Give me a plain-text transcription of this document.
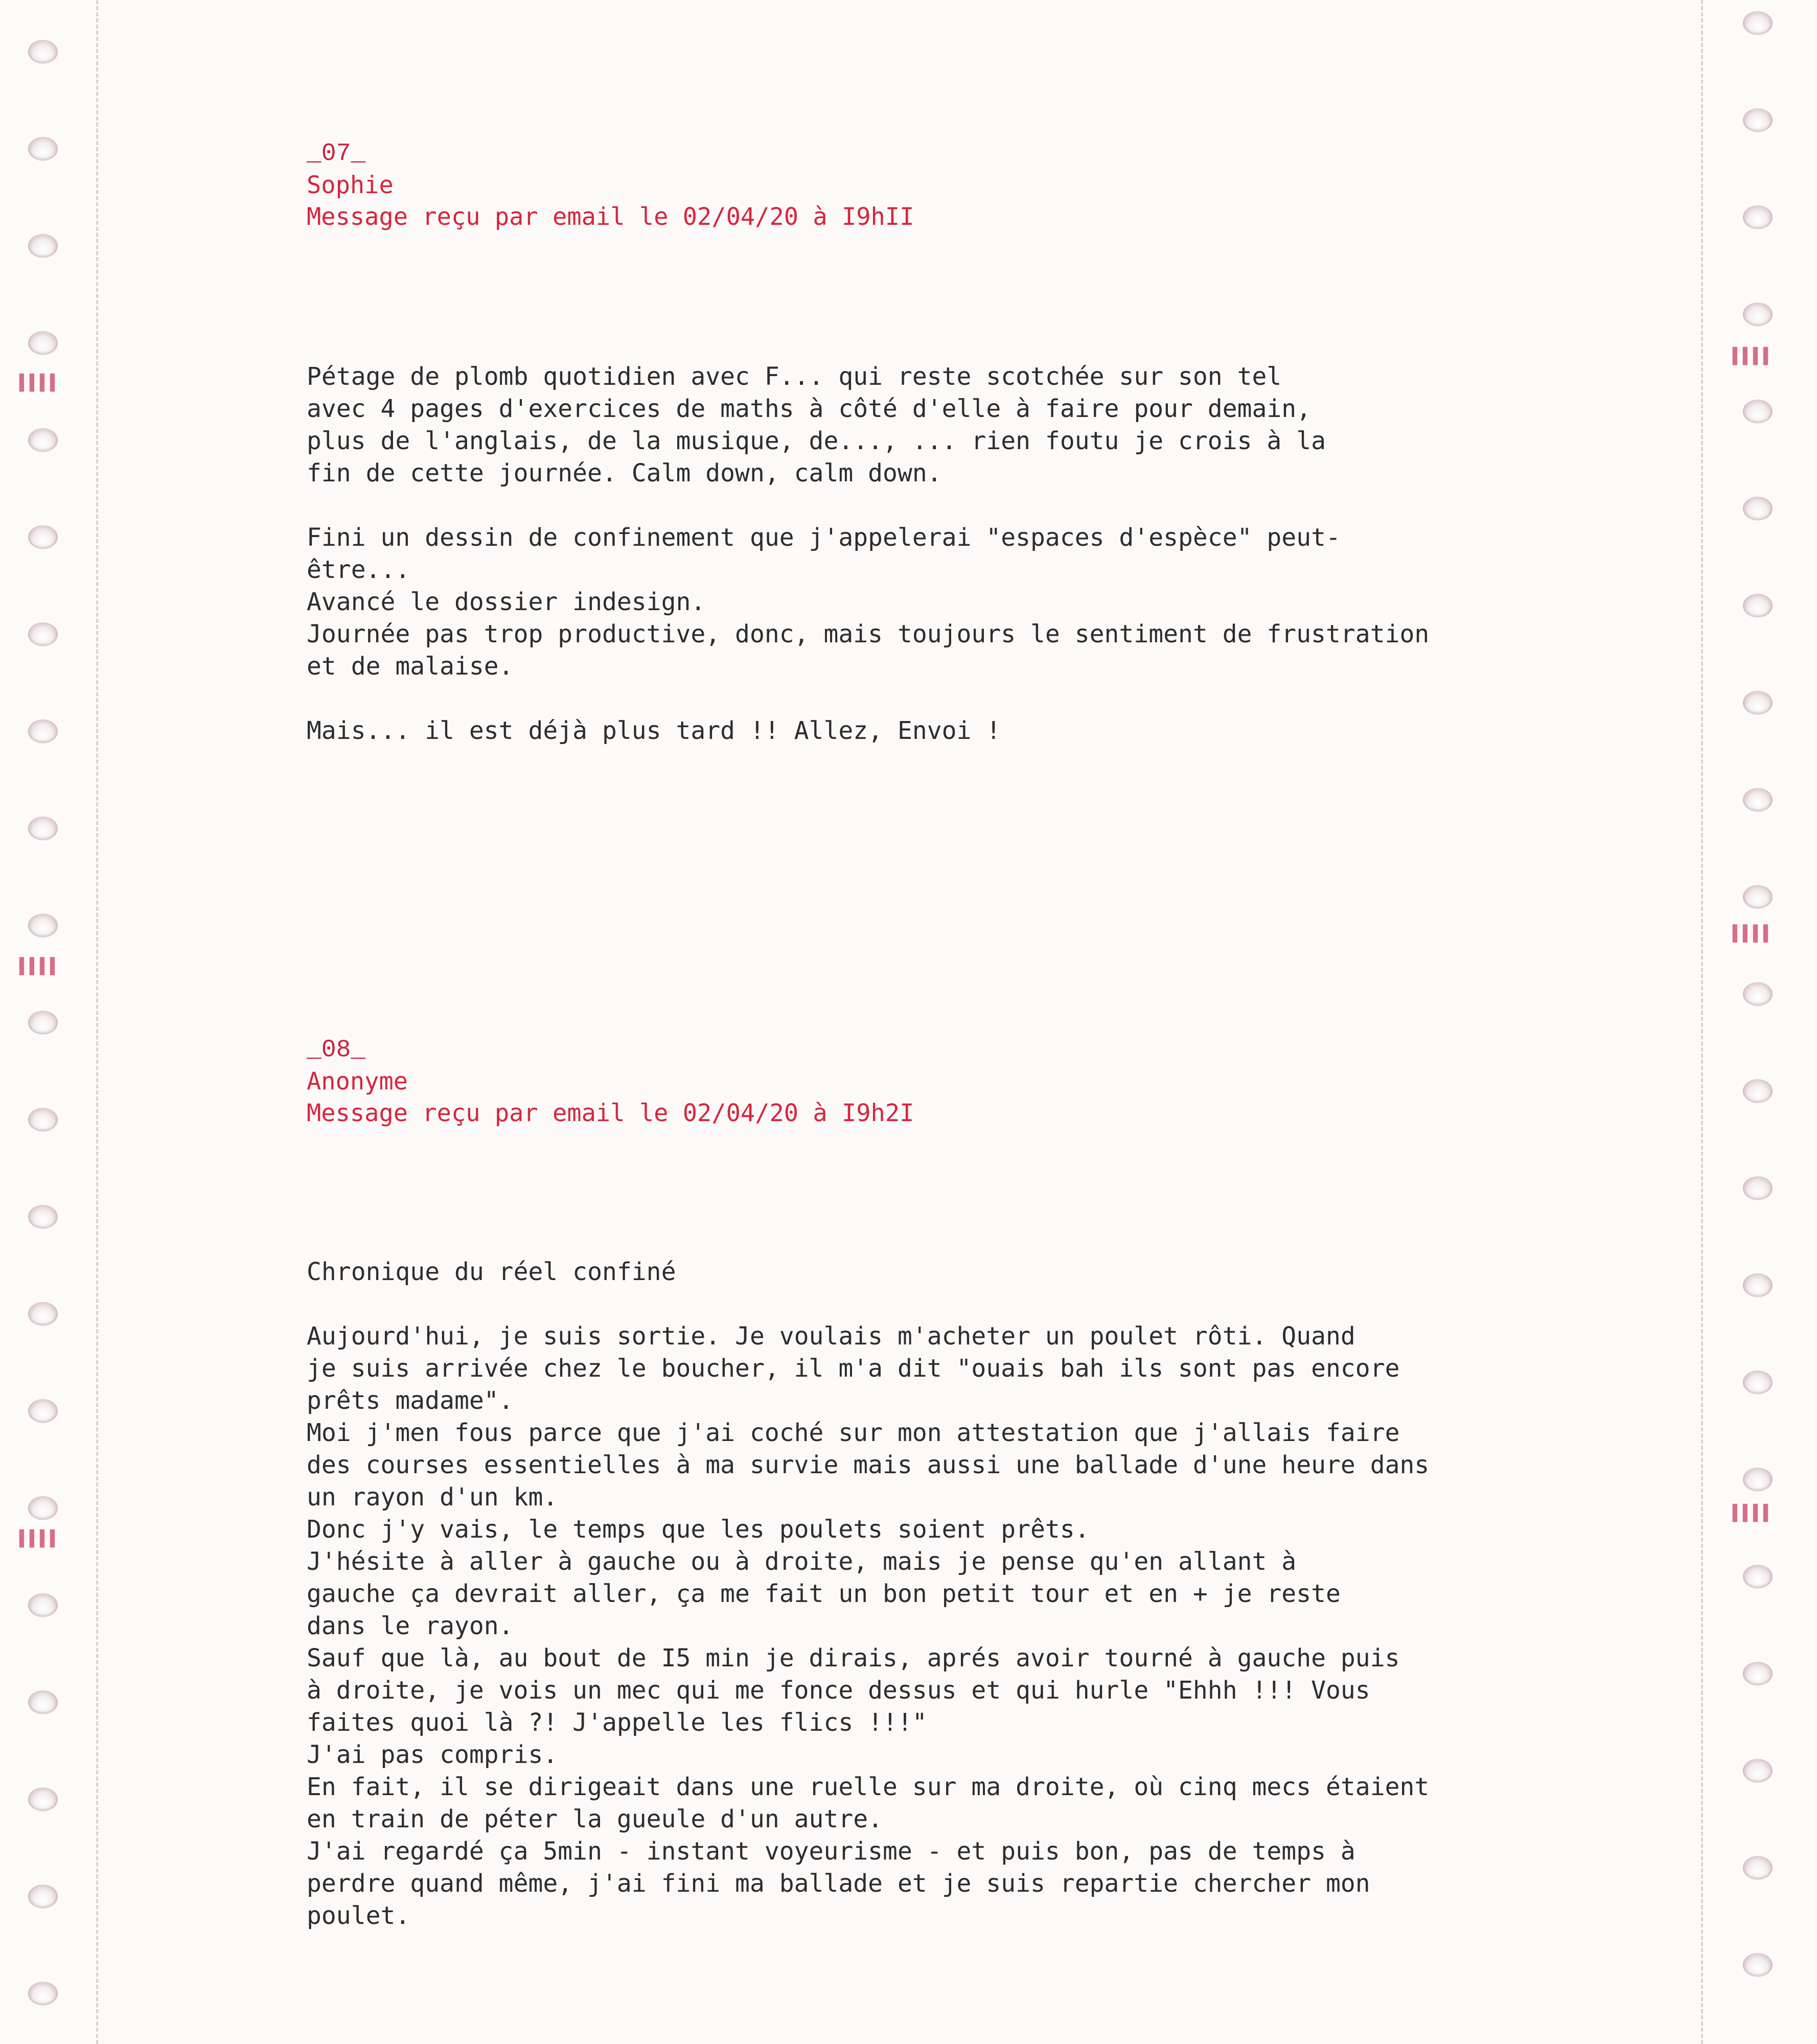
▌▌▌▌
▌▌▌▌
▌▌▌▌
▌▌▌▌
▌▌▌▌
▌▌▌▌
_07_
Sophie
Message reçu par email le 02/04/20 à I9hII
Pétage de plomb quotidien avec F... qui reste scotchée sur son tel
avec 4 pages d'exercices de maths à côté d'elle à faire pour demain,
plus de l'anglais, de la musique, de..., ... rien foutu je crois à la
fin de cette journée. Calm down, calm down.
Fini un dessin de confinement que j'appelerai "espaces d'espèce" peut-
être...
Avancé le dossier indesign.
Journée pas trop productive, donc, mais toujours le sentiment de frustration
et de malaise.
Mais... il est déjà plus tard !! Allez, Envoi !
_08_
Anonyme
Message reçu par email le 02/04/20 à I9h2I
Chronique du réel confiné
Aujourd'hui, je suis sortie. Je voulais m'acheter un poulet rôti. Quand
je suis arrivée chez le boucher, il m'a dit "ouais bah ils sont pas encore
prêts madame".
Moi j'men fous parce que j'ai coché sur mon attestation que j'allais faire
des courses essentielles à ma survie mais aussi une ballade d'une heure dans
un rayon d'un km.
Donc j'y vais, le temps que les poulets soient prêts.
J'hésite à aller à gauche ou à droite, mais je pense qu'en allant à
gauche ça devrait aller, ça me fait un bon petit tour et en + je reste
dans le rayon.
Sauf que là, au bout de I5 min je dirais, aprés avoir tourné à gauche puis
à droite, je vois un mec qui me fonce dessus et qui hurle "Ehhh !!! Vous
faites quoi là ?! J'appelle les flics !!!"
J'ai pas compris.
En fait, il se dirigeait dans une ruelle sur ma droite, où cinq mecs étaient
en train de péter la gueule d'un autre.
J'ai regardé ça 5min - instant voyeurisme - et puis bon, pas de temps à
perdre quand même, j'ai fini ma ballade et je suis repartie chercher mon
poulet.
